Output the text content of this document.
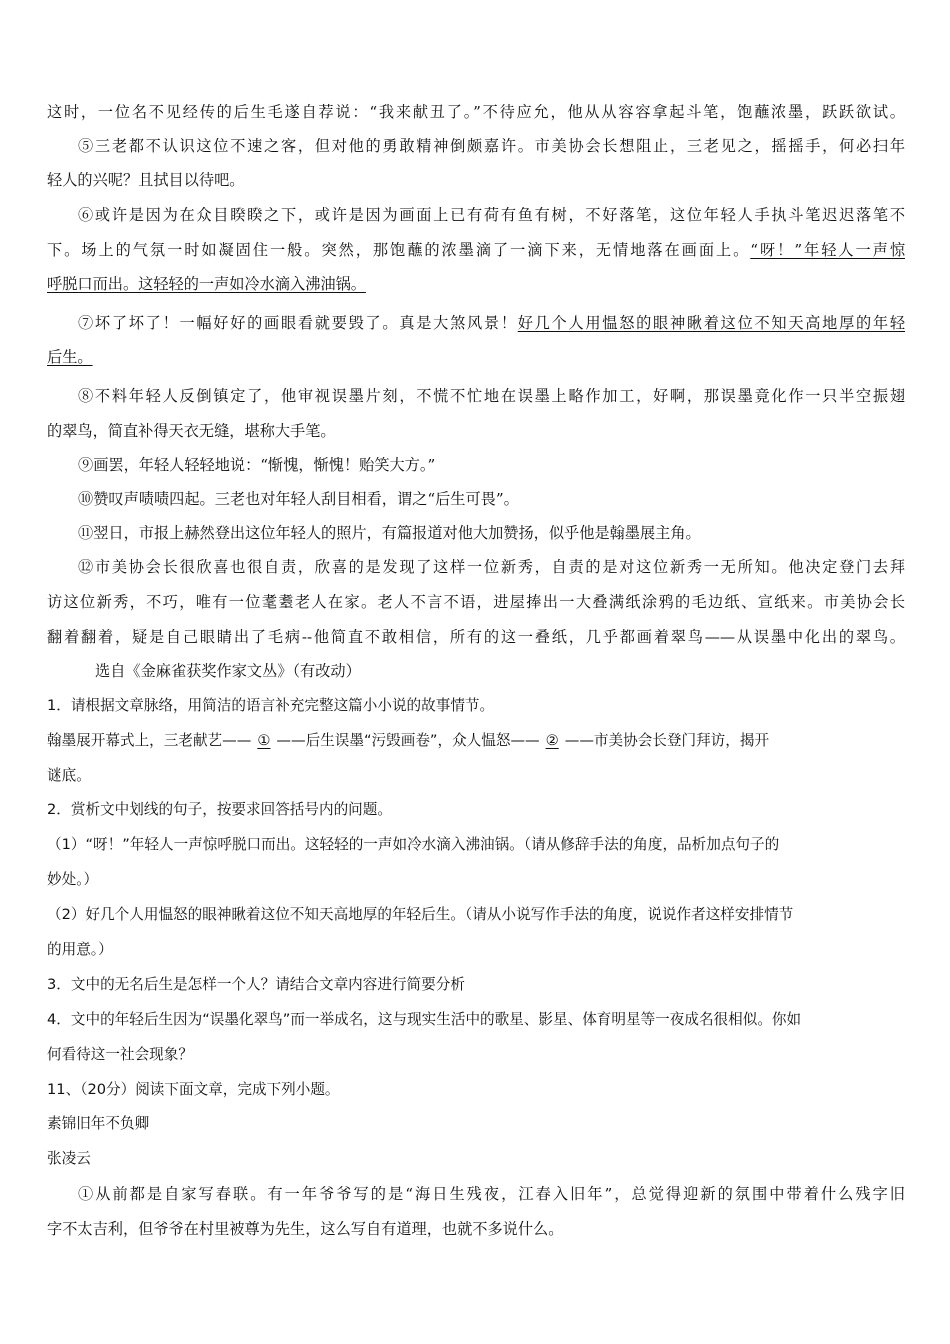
这时，一位名不见经传的后生毛遂自荐说：“我来献丑了。”不待应允，他从从容容拿起斗笔，饱蘸浓墨，跃跃欲试。
⑤三老都不认识这位不速之客，但对他的勇敢精神倒颇嘉许。市美协会长想阻止，三老见之，摇摇手，何必扫年
轻人的兴呢？且拭目以待吧。
⑥或许是因为在众目睽睽之下，或许是因为画面上已有荷有鱼有树，不好落笔，这位年轻人手执斗笔迟迟落笔不
下。场上的气氛一时如凝固住一般。突然，那饱蘸的浓墨滴了一滴下来，无情地落在画面上。“呀！”年轻人一声惊
呼脱口而出。这轻轻的一声如冷水滴入沸油锅。
⑦坏了坏了！一幅好好的画眼看就要毁了。真是大煞风景！好几个人用愠怒的眼神瞅着这位不知天高地厚的年轻
后生。
⑧不料年轻人反倒镇定了，他审视误墨片刻，不慌不忙地在误墨上略作加工，好啊，那误墨竟化作一只半空振翅
的翠鸟，简直补得天衣无缝，堪称大手笔。
⑨画罢，年轻人轻轻地说：“惭愧，惭愧！贻笑大方。”
⑩赞叹声啧啧四起。三老也对年轻人刮目相看，谓之“后生可畏”。
⑪翌日，市报上赫然登出这位年轻人的照片，有篇报道对他大加赞扬，似乎他是翰墨展主角。
⑫市美协会长很欣喜也很自责，欣喜的是发现了这样一位新秀，自责的是对这位新秀一无所知。他决定登门去拜
访这位新秀，不巧，唯有一位耄耋老人在家。老人不言不语，进屋捧出一大叠满纸涂鸦的毛边纸、宣纸来。市美协会长
翻着翻着，疑是自己眼睛出了毛病--他简直不敢相信，所有的这一叠纸，几乎都画着翠鸟——从误墨中化出的翠鸟。
选自《金麻雀获奖作家文丛》（有改动）
1．请根据文章脉络，用简洁的语言补充完整这篇小小说的故事情节。
翰墨展开幕式上，三老献艺—— ① ——后生误墨“污毁画卷”，众人愠怒—— ② ——市美协会长登门拜访，揭开
谜底。
2．赏析文中划线的句子，按要求回答括号内的问题。
（1）“呀！”年轻人一声惊呼脱口而出。这轻轻的一声如冷水滴入沸油锅。（请从修辞手法的角度，品析加点句子的
妙处。）
（2）好几个人用愠怒的眼神瞅着这位不知天高地厚的年轻后生。（请从小说写作手法的角度，说说作者这样安排情节
的用意。）
3．文中的无名后生是怎样一个人？请结合文章内容进行简要分析
4．文中的年轻后生因为“误墨化翠鸟”而一举成名，这与现实生活中的歌星、影星、体育明星等一夜成名很相似。你如
何看待这一社会现象？
11、（20分）阅读下面文章，完成下列小题。
素锦旧年不负卿
张凌云
①从前都是自家写春联。有一年爷爷写的是“海日生残夜，江春入旧年”，总觉得迎新的氛围中带着什么残字旧
字不太吉利，但爷爷在村里被尊为先生，这么写自有道理，也就不多说什么。
